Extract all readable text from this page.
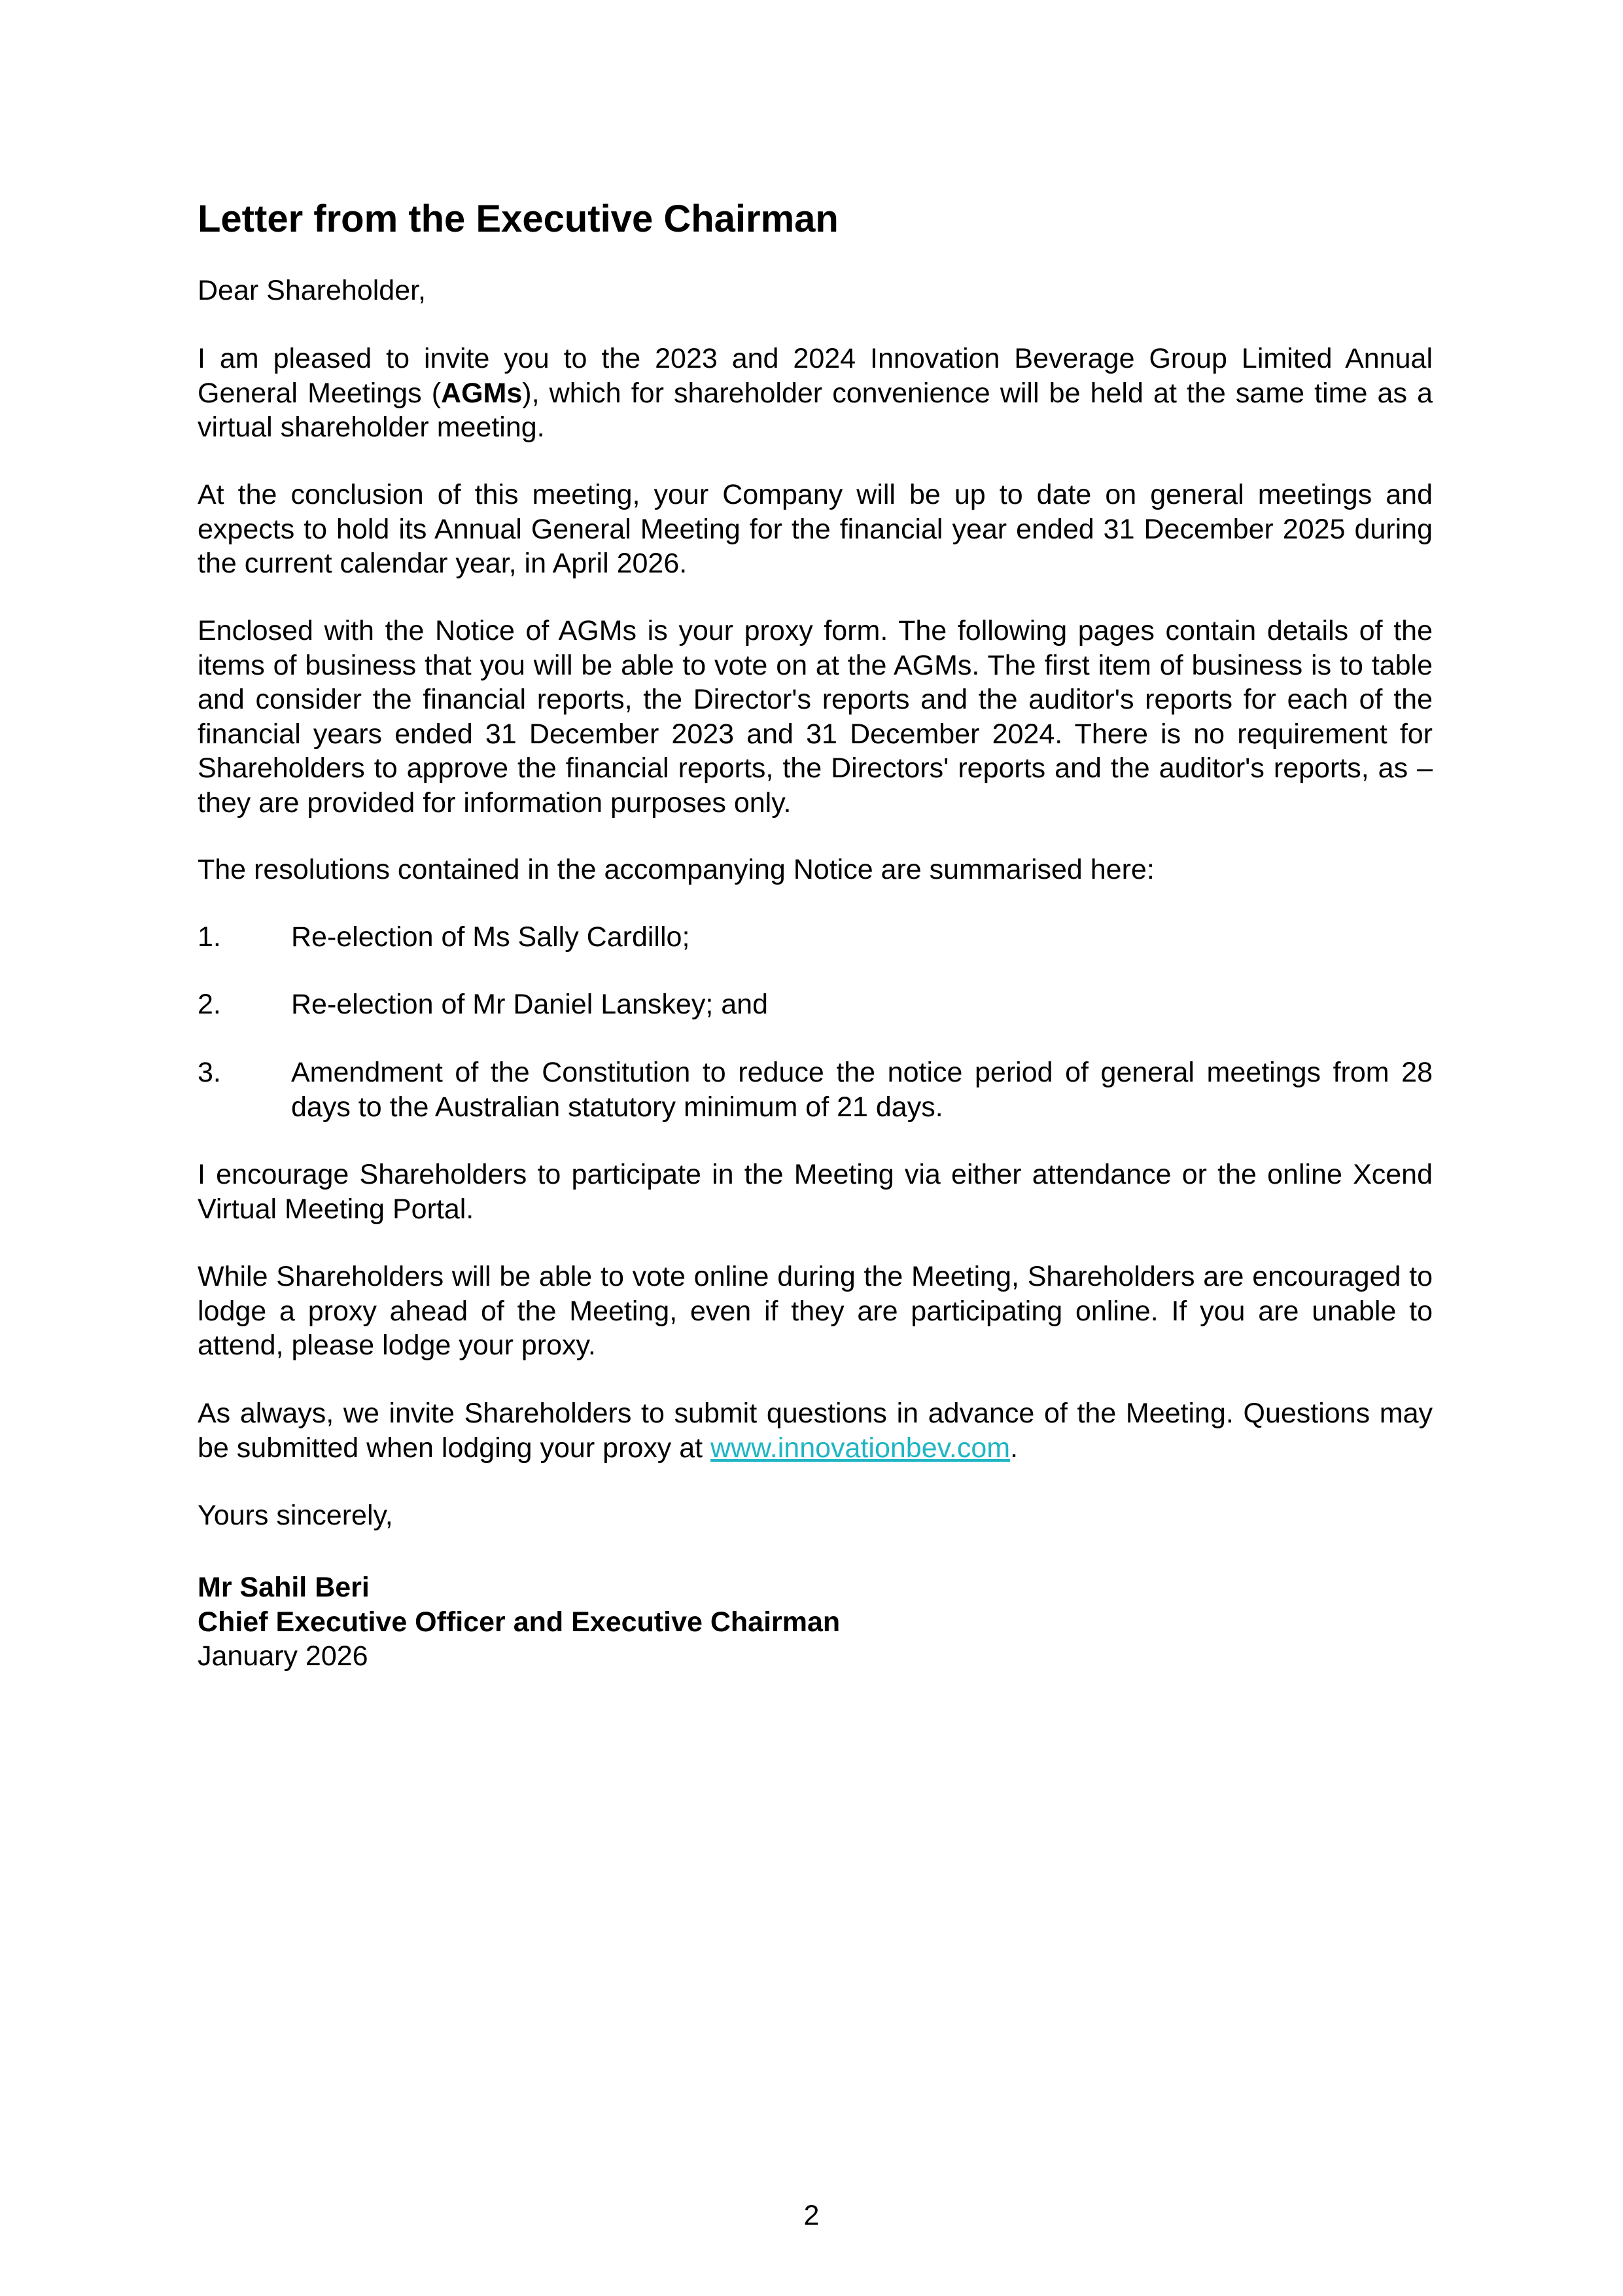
Letter from the Executive Chairman

Dear Shareholder,

I am pleased to invite you to the 2023 and 2024 Innovation Beverage Group Limited Annual General Meetings (AGMs), which for shareholder convenience will be held at the same time as a virtual shareholder meeting.

At the conclusion of this meeting, your Company will be up to date on general meetings and expects to hold its Annual General Meeting for the financial year ended 31 December 2025 during the current calendar year, in April 2026.

Enclosed with the Notice of AGMs is your proxy form. The following pages contain details of the items of business that you will be able to vote on at the AGMs. The first item of business is to table and consider the financial reports, the Director's reports and the auditor's reports for each of the financial years ended 31 December 2023 and 31 December 2024. There is no requirement for Shareholders to approve the financial reports, the Directors' reports and the auditor's reports, as – they are provided for information purposes only.

The resolutions contained in the accompanying Notice are summarised here:

1. Re-election of Ms Sally Cardillo;
2. Re-election of Mr Daniel Lanskey; and
3. Amendment of the Constitution to reduce the notice period of general meetings from 28 days to the Australian statutory minimum of 21 days.

I encourage Shareholders to participate in the Meeting via either attendance or the online Xcend Virtual Meeting Portal.

While Shareholders will be able to vote online during the Meeting, Shareholders are encouraged to lodge a proxy ahead of the Meeting, even if they are participating online. If you are unable to attend, please lodge your proxy.

As always, we invite Shareholders to submit questions in advance of the Meeting. Questions may be submitted when lodging your proxy at www.innovationbev.com.

Yours sincerely,

Mr Sahil Beri
Chief Executive Officer and Executive Chairman
January 2026
2
